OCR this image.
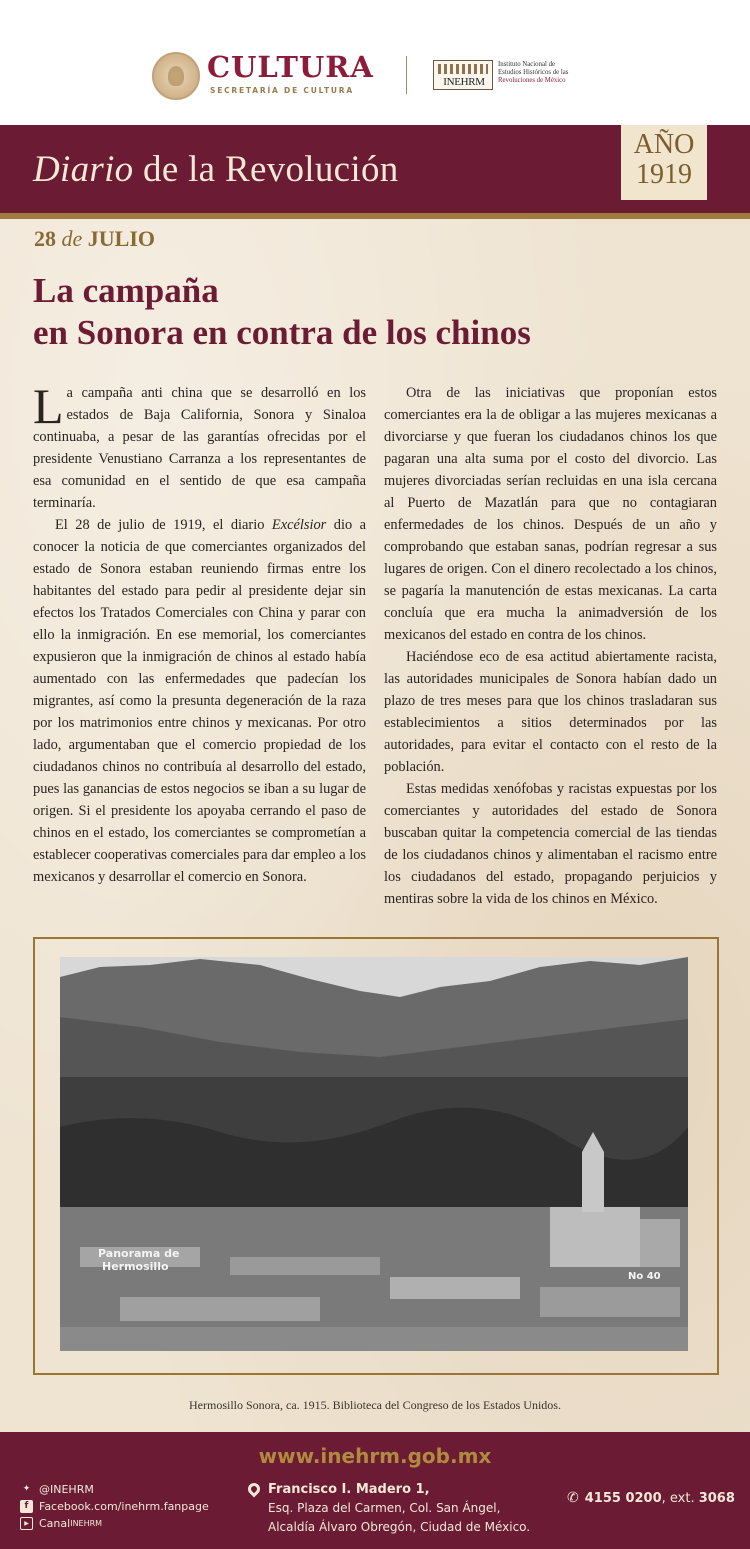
CULTURA
SECRETARÍA DE CULTURA
INEHRM
Instituto Nacional de
Estudios Históricos de las
Revoluciones de México
Diario de la Revolución
AÑO
1919
28 de JULIO
La campaña
en Sonora en contra de los chinos

La campaña anti china que se desarrolló en los estados de Baja California, Sonora y Sinaloa continuaba, a pesar de las garantías ofrecidas por el presidente Venustiano Carranza a los representantes de esa comunidad en el sentido de que esa campaña terminaría.

El 28 de julio de 1919, el diario Excélsior dio a conocer la noticia de que comerciantes organizados del estado de Sonora estaban reuniendo firmas entre los habitantes del estado para pedir al presidente dejar sin efectos los Tratados Comerciales con China y parar con ello la inmigración. En ese memorial, los comerciantes expusieron que la inmigración de chinos al estado había aumentado con las enfermedades que padecían los migrantes, así como la presunta degeneración de la raza por los matrimonios entre chinos y mexicanas. Por otro lado, argumentaban que el comercio propiedad de los ciudadanos chinos no contribuía al desarrollo del estado, pues las ganancias de estos negocios se iban a su lugar de origen. Si el presidente los apoyaba cerrando el paso de chinos en el estado, los comerciantes se comprometían a establecer cooperativas comerciales para dar empleo a los mexicanos y desarrollar el comercio en Sonora.

Otra de las iniciativas que proponían estos comerciantes era la de obligar a las mujeres mexicanas a divorciarse y que fueran los ciudadanos chinos los que pagaran una alta suma por el costo del divorcio. Las mujeres divorciadas serían recluidas en una isla cercana al Puerto de Mazatlán para que no contagiaran enfermedades de los chinos. Después de un año y comprobando que estaban sanas, podrían regresar a sus lugares de origen. Con el dinero recolectado a los chinos, se pagaría la manutención de estas mexicanas. La carta concluía que era mucha la animadversión de los mexicanos del estado en contra de los chinos.

Haciéndose eco de esa actitud abiertamente racista, las autoridades municipales de Sonora habían dado un plazo de tres meses para que los chinos trasladaran sus establecimientos a sitios determinados por las autoridades, para evitar el contacto con el resto de la población.

Estas medidas xenófobas y racistas expuestas por los comerciantes y autoridades del estado de Sonora buscaban quitar la competencia comercial de las tiendas de los ciudadanos chinos y alimentaban el racismo entre los ciudadanos del estado, propagando perjuicios y mentiras sobre la vida de los chinos en México.

Panorama de
Hermosillo
No 40
Hermosillo Sonora, ca. 1915. Biblioteca del Congreso de los Estados Unidos.
www.inehrm.gob.mx
✦ @INEHRM
f Facebook.com/inehrm.fanpage
▶ Canal INEHRM
Francisco I. Madero 1,
Esq. Plaza del Carmen, Col. San Ángel,
Alcaldía Álvaro Obregón, Ciudad de México.
✆ 4155 0200, ext. 3068
